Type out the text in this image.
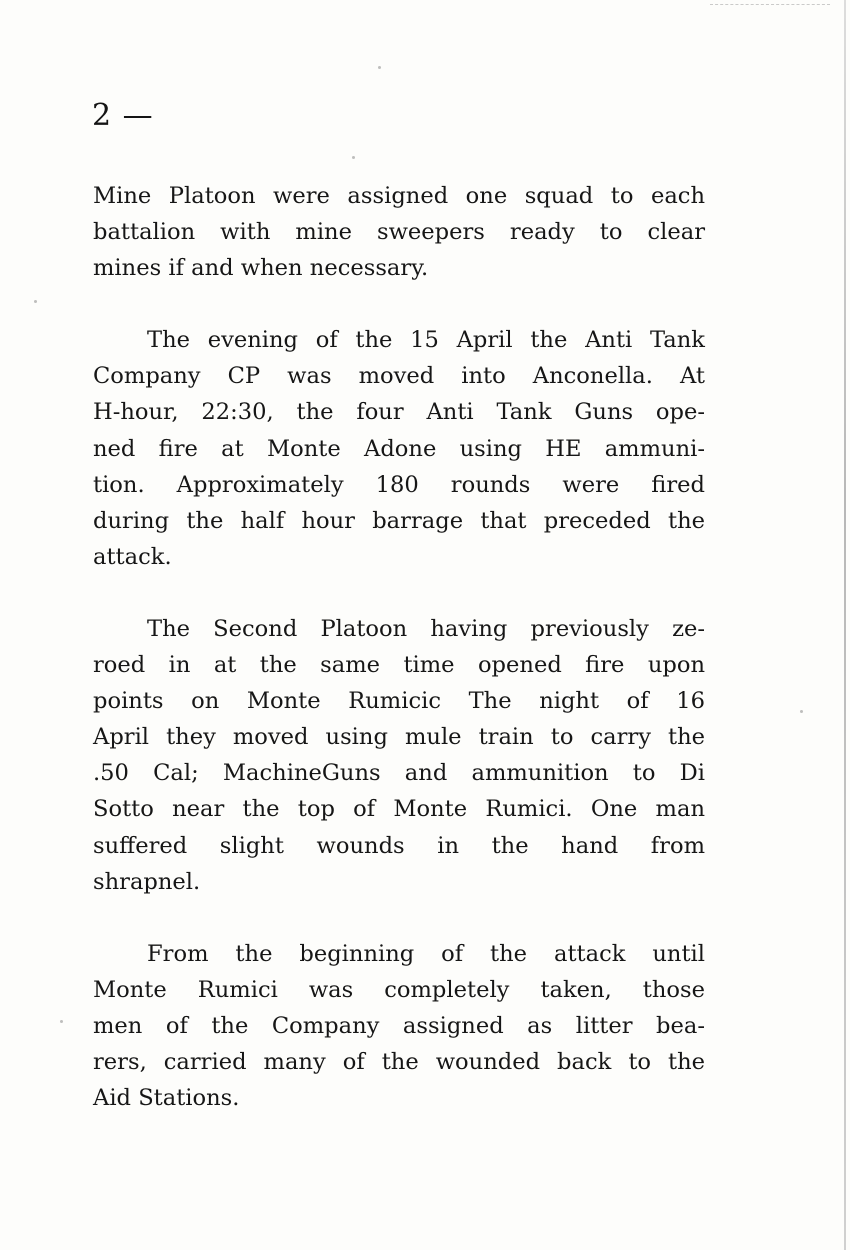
2 —

Mine Platoon were assigned one squad to each
battalion with mine sweepers ready to clear
mines if and when necessary.

The evening of the 15 April the Anti Tank
Company CP was moved into Anconella. At
H-hour, 22:30, the four Anti Tank Guns ope-
ned fire at Monte Adone using HE ammuni-
tion. Approximately 180 rounds were fired
during the half hour barrage that preceded the
attack.

The Second Platoon having previously ze-
roed in at the same time opened fire upon
points on Monte Rumicic The night of 16
April they moved using mule train to carry the
.50 Cal; MachineGuns and ammunition to Di
Sotto near the top of Monte Rumici. One man
suffered slight wounds in the hand from
shrapnel.

From the beginning of the attack until
Monte Rumici was completely taken, those
men of the Company assigned as litter bea-
rers, carried many of the wounded back to the
Aid Stations.
